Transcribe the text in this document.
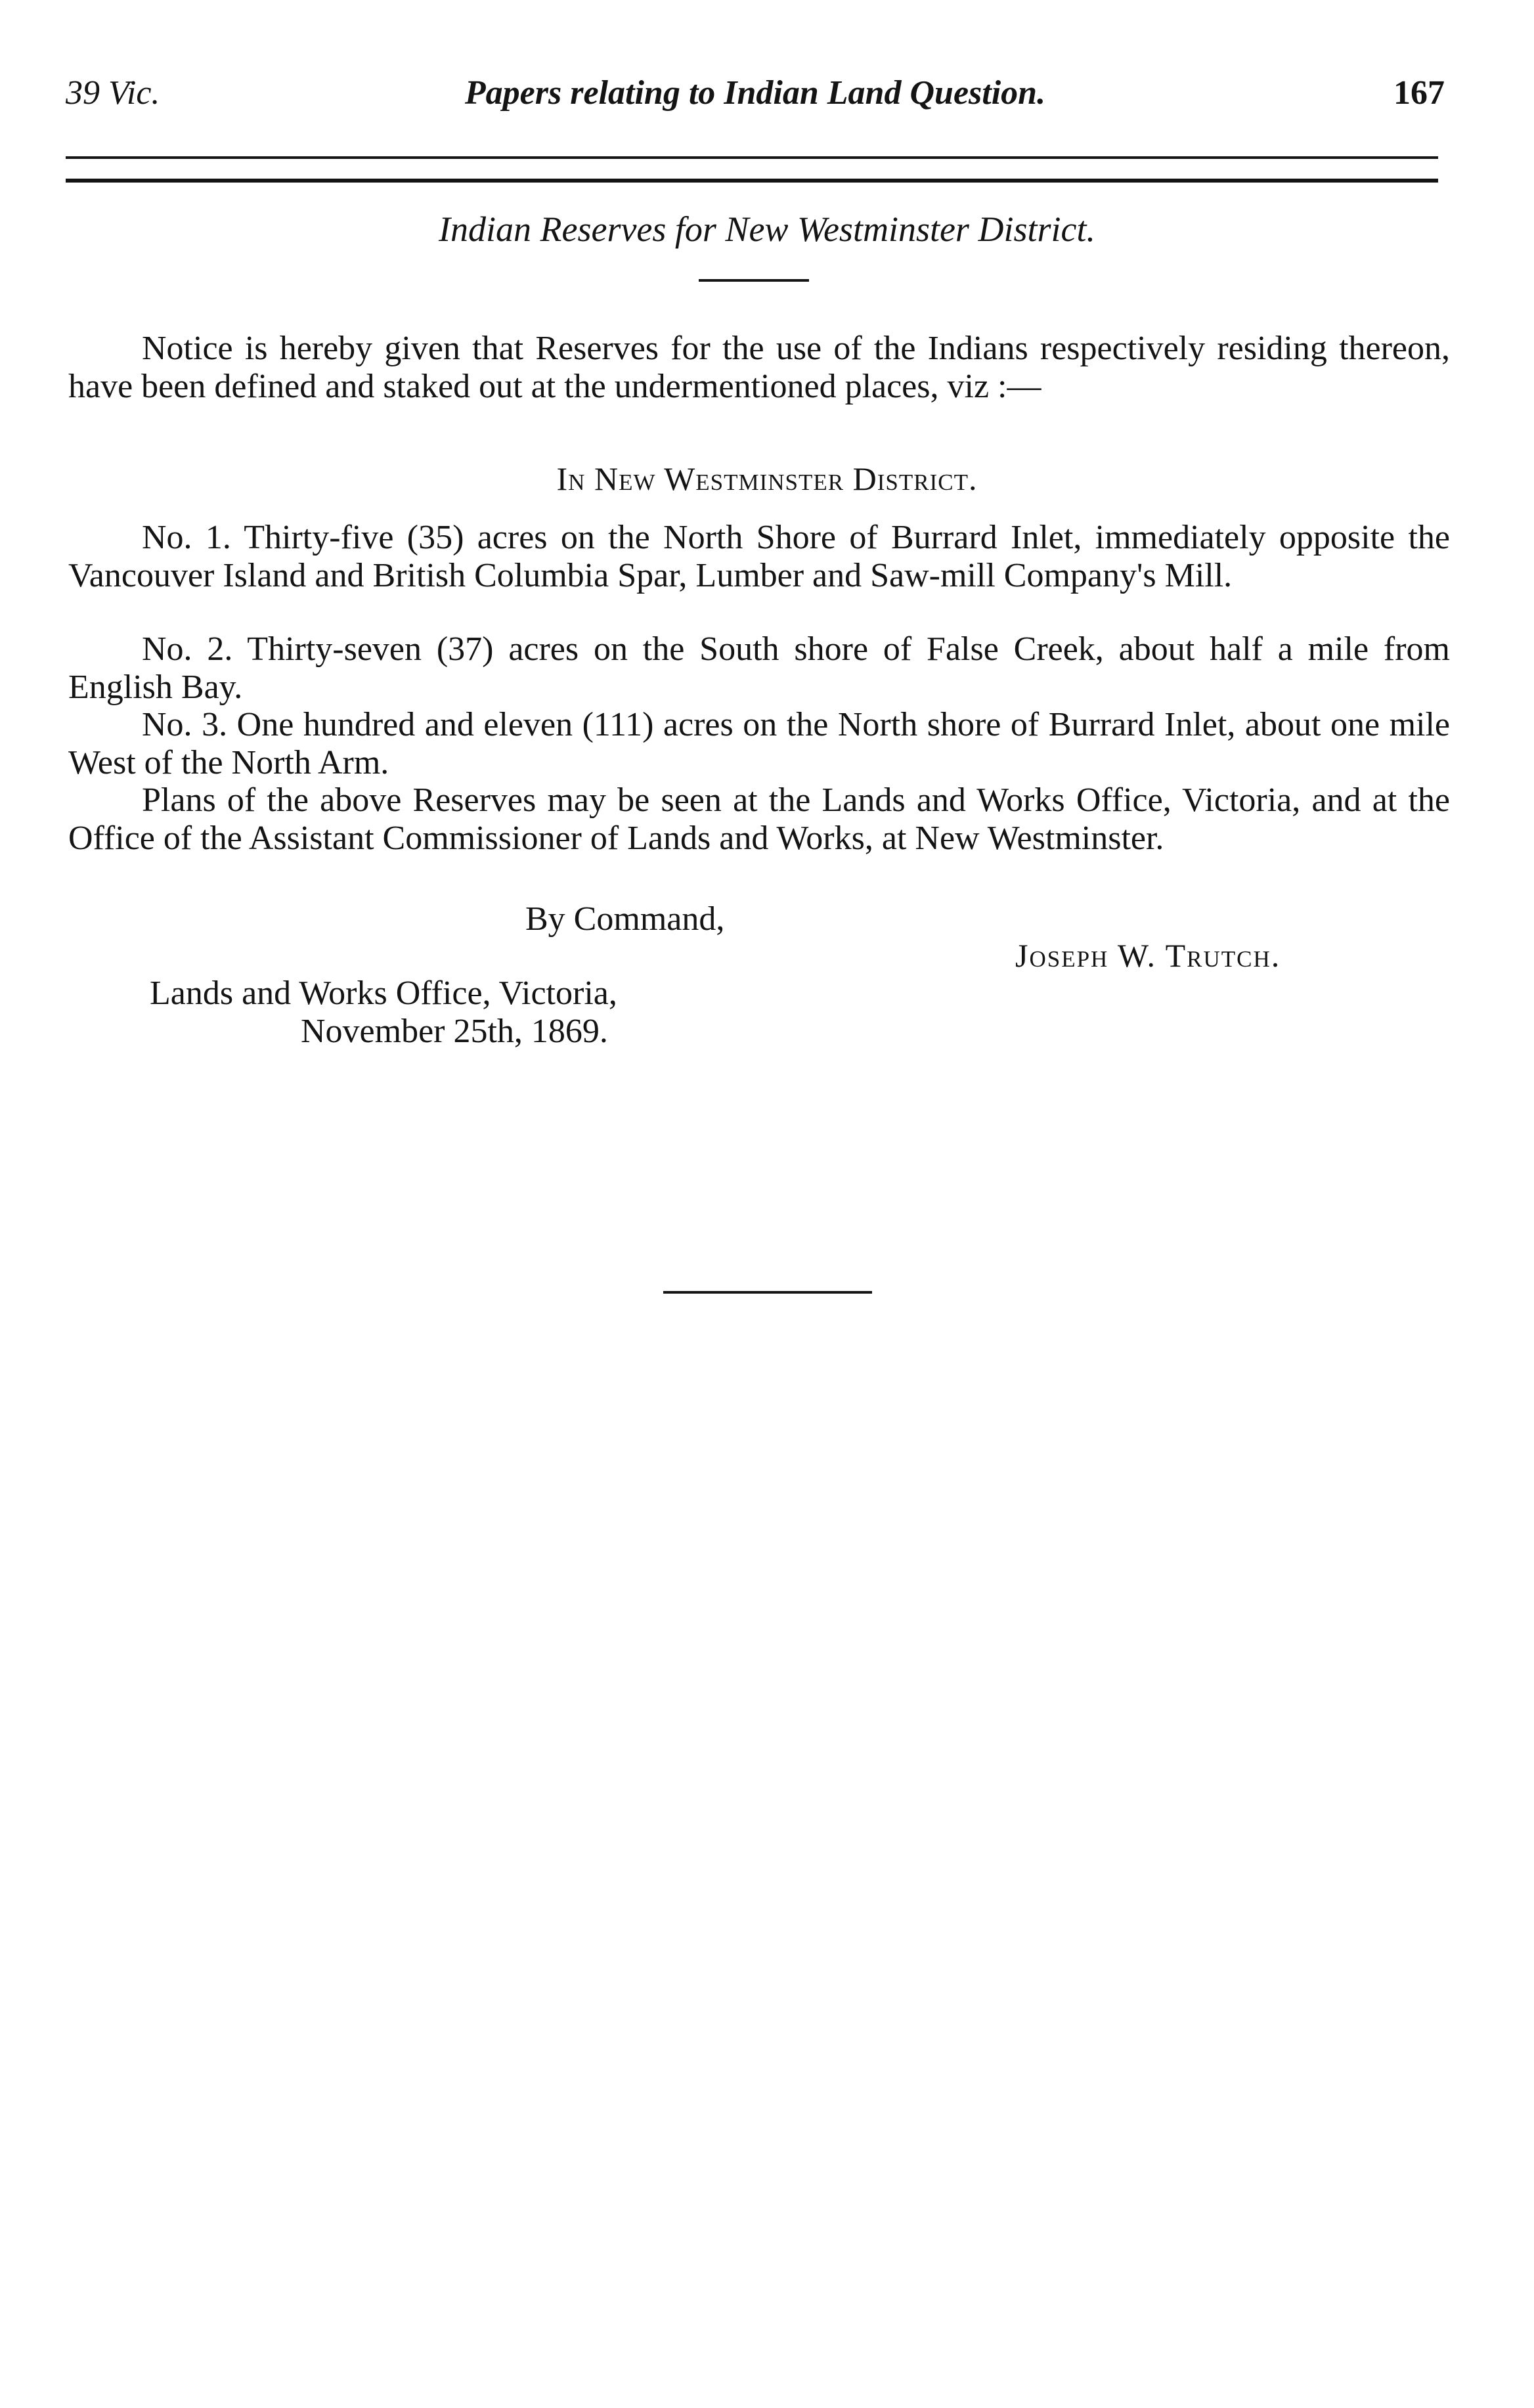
39 Vic.	Papers relating to Indian Land Question.	167
Indian Reserves for New Westminster District.

Notice is hereby given that Reserves for the use of the Indians respectively residing thereon, have been defined and staked out at the undermentioned places, viz :—

In New Westminster District.

No. 1. Thirty-five (35) acres on the North Shore of Burrard Inlet, immediately opposite the Vancouver Island and British Columbia Spar, Lumber and Saw-mill Company's Mill.

No. 2. Thirty-seven (37) acres on the South shore of False Creek, about half a mile from English Bay.

No. 3. One hundred and eleven (111) acres on the North shore of Burrard Inlet, about one mile West of the North Arm.

Plans of the above Reserves may be seen at the Lands and Works Office, Victoria, and at the Office of the Assistant Commissioner of Lands and Works, at New Westminster.

By Command,
Joseph W. Trutch.
Lands and Works Office, Victoria,
November 25th, 1869.
